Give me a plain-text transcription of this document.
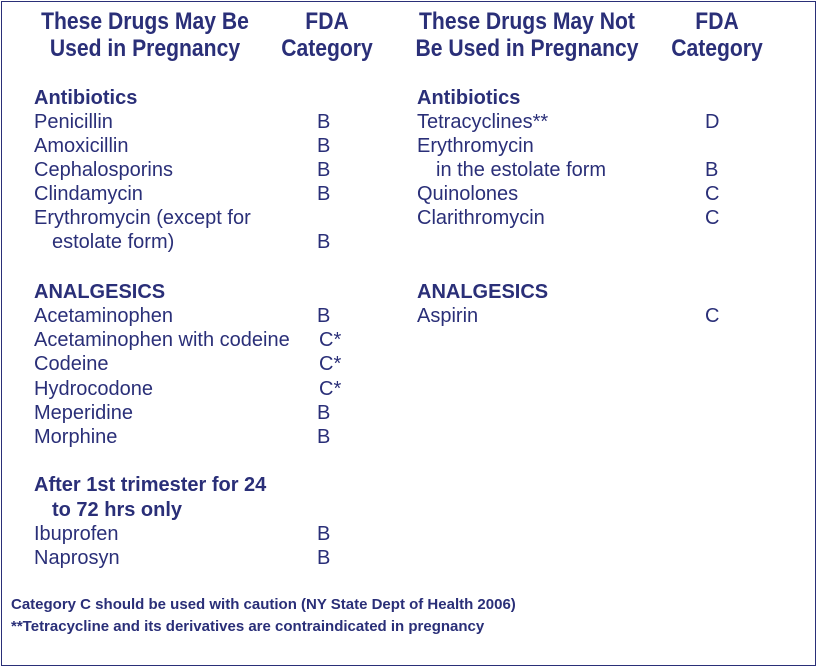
These Drugs May Be
Used in Pregnancy
FDA
Category
These Drugs May Not
Be Used in Pregnancy
FDA
Category
Antibiotics
Penicillin	B
Amoxicillin	B
Cephalosporins	B
Clindamycin	B
Erythromycin (except for
estolate form)	B
ANALGESICS
Acetaminophen	B
Acetaminophen with codeine C*
Codeine	C*
Hydrocodone	C*
Meperidine	B
Morphine	B
After 1st trimester for 24
to 72 hrs only
Ibuprofen	B
Naprosyn	B
Antibiotics
Tetracyclines**	D
Erythromycin
in the estolate form	B
Quinolones	C
Clarithromycin	C
ANALGESICS
Aspirin	C
Category C should be used with caution (NY State Dept of Health 2006)
**Tetracycline and its derivatives are contraindicated in pregnancy
